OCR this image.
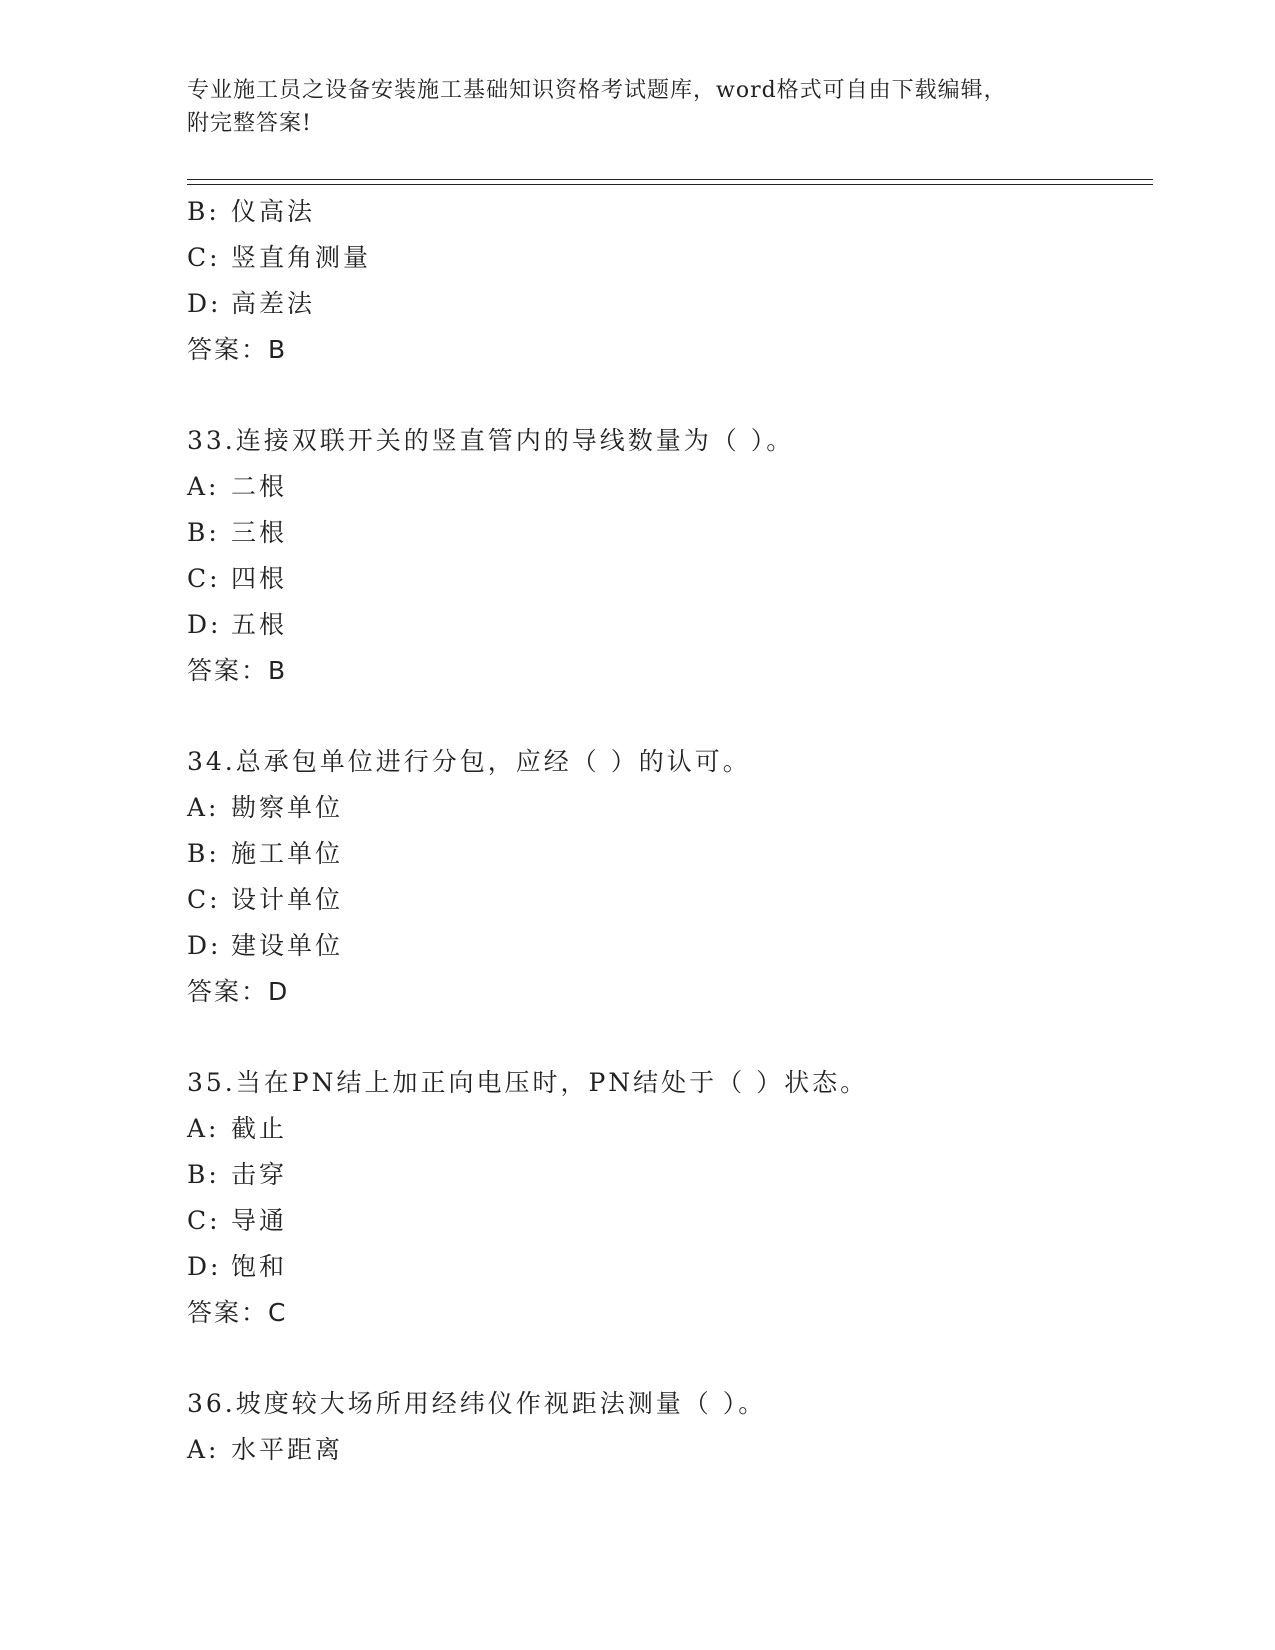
专业施工员之设备安装施工基础知识资格考试题库，word格式可自由下载编辑，
附完整答案!
B: 仪高法
C: 竖直角测量
D: 高差法
答案：B
33.连接双联开关的竖直管内的导线数量为（ ）。
A: 二根
B: 三根
C: 四根
D: 五根
答案：B
34.总承包单位进行分包，应经（ ）的认可。
A: 勘察单位
B: 施工单位
C: 设计单位
D: 建设单位
答案：D
35.当在PN结上加正向电压时，PN结处于（ ）状态。
A: 截止
B: 击穿
C: 导通
D: 饱和
答案：C
36.坡度较大场所用经纬仪作视距法测量（ ）。
A: 水平距离
